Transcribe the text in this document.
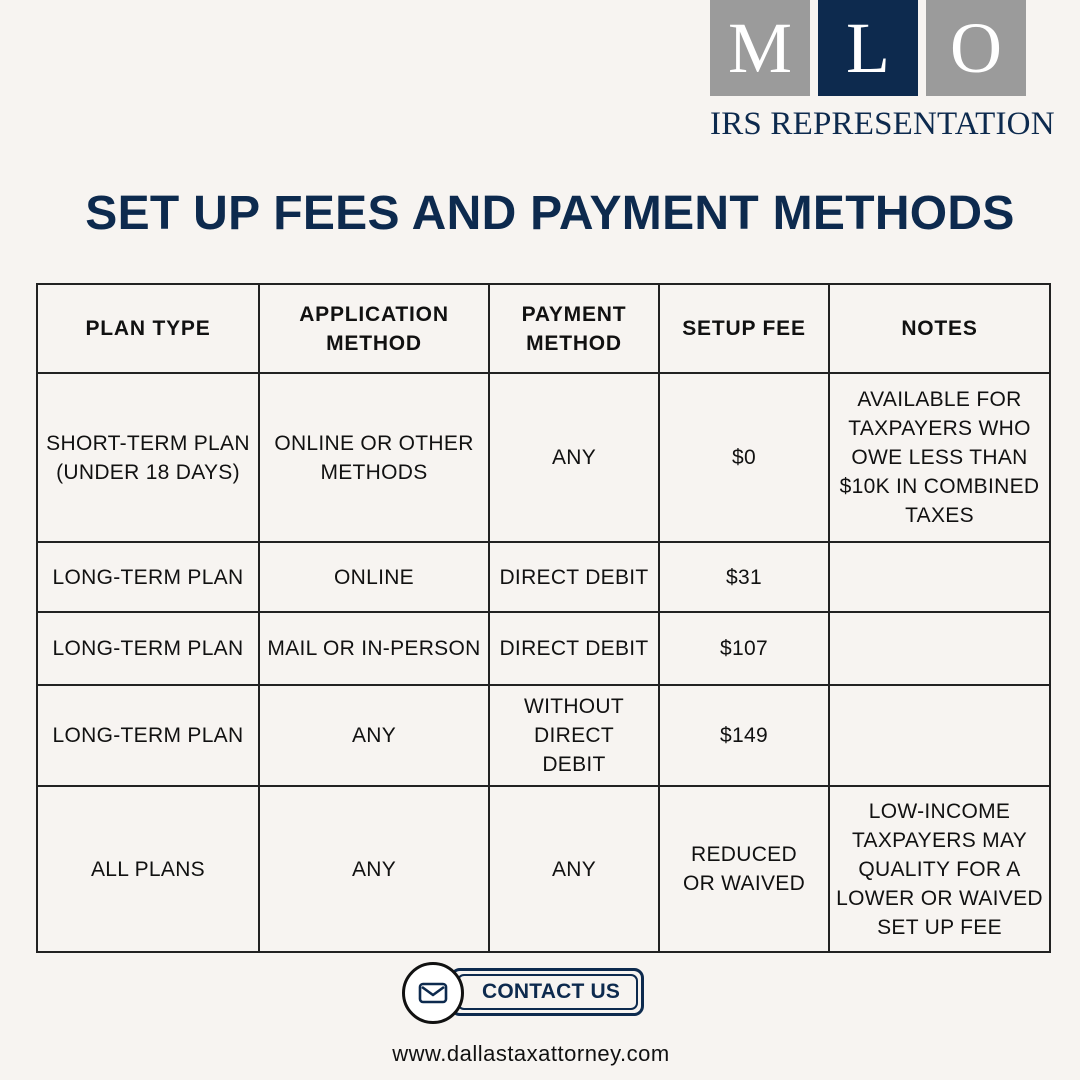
M L O
IRS REPRESENTATION
SET UP FEES AND PAYMENT METHODS
PLAN TYPE	APPLICATION METHOD	PAYMENT METHOD	SETUP FEE	NOTES

SHORT-TERM PLAN (UNDER 18 DAYS)	ONLINE OR OTHER METHODS	ANY	$0	AVAILABLE FOR TAXPAYERS WHO OWE LESS THAN $10K IN COMBINED TAXES

LONG-TERM PLAN	ONLINE	DIRECT DEBIT	$31	

LONG-TERM PLAN	MAIL OR IN-PERSON	DIRECT DEBIT	$107	

LONG-TERM PLAN	ANY	WITHOUT DIRECT DEBIT	$149	

ALL PLANS	ANY	ANY	REDUCED OR WAIVED	LOW-INCOME TAXPAYERS MAY QUALITY FOR A LOWER OR WAIVED SET UP FEE
CONTACT US
www.dallastaxattorney.com
